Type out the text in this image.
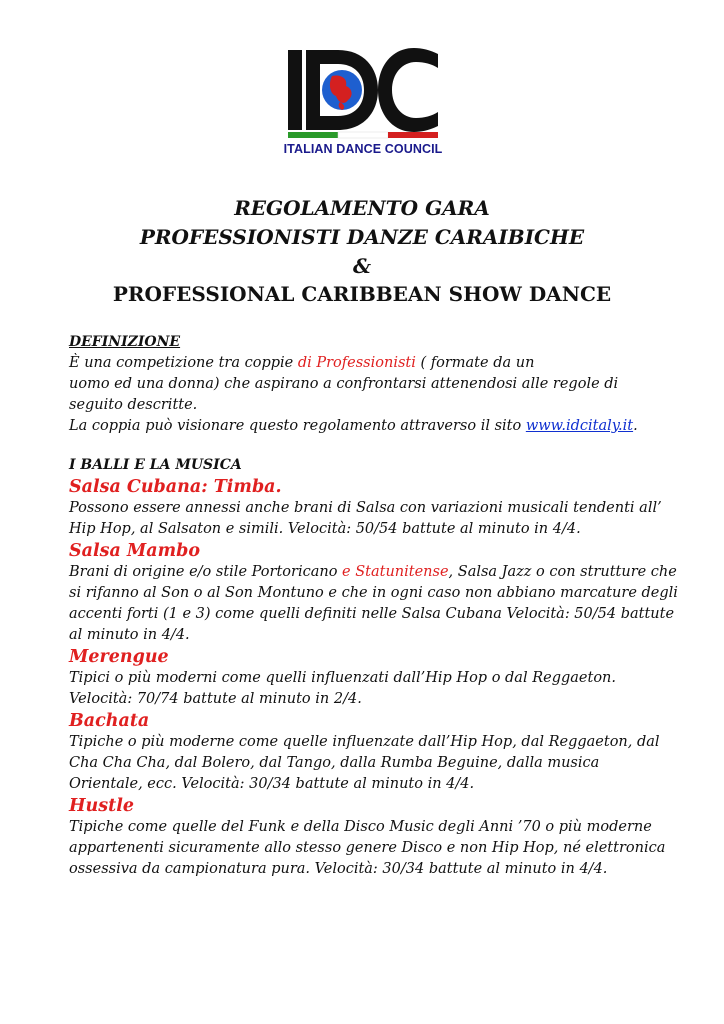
ITALIAN DANCE COUNCIL
REGOLAMENTO GARA
PROFESSIONISTI DANZE CARAIBICHE
&
PROFESSIONAL CARIBBEAN SHOW DANCE

DEFINIZIONE

È una competizione tra coppie di Professionisti ( formate da un

uomo ed una donna) che aspirano a confrontarsi attenendosi alle regole di

seguito descritte.

La coppia può visionare questo regolamento attraverso il sito www.idcitaly.it.

I BALLI E LA MUSICA

Salsa Cubana: Timba.

Possono essere annessi anche brani di Salsa con variazioni musicali tendenti all’

Hip Hop, al Salsaton e simili. Velocità: 50/54 battute al minuto in 4/4.

Salsa Mambo

Brani di origine e/o stile Portoricano e Statunitense, Salsa Jazz o con strutture che

si rifanno al Son o al Son Montuno e che in ogni caso non abbiano marcature degli

accenti forti (1 e 3) come quelli definiti nelle Salsa Cubana Velocità: 50/54 battute

al minuto in 4/4.

Merengue

Tipici o più moderni come quelli influenzati dall’Hip Hop o dal Reggaeton.

Velocità: 70/74 battute al minuto in 2/4.

Bachata

Tipiche o più moderne come quelle influenzate dall’Hip Hop, dal Reggaeton, dal

Cha Cha Cha, dal Bolero, dal Tango, dalla Rumba Beguine, dalla musica

Orientale, ecc. Velocità: 30/34 battute al minuto in 4/4.

Hustle

Tipiche come quelle del Funk e della Disco Music degli Anni ’70 o più moderne

appartenenti sicuramente allo stesso genere Disco e non Hip Hop, né elettronica

ossessiva da campionatura pura. Velocità: 30/34 battute al minuto in 4/4.
